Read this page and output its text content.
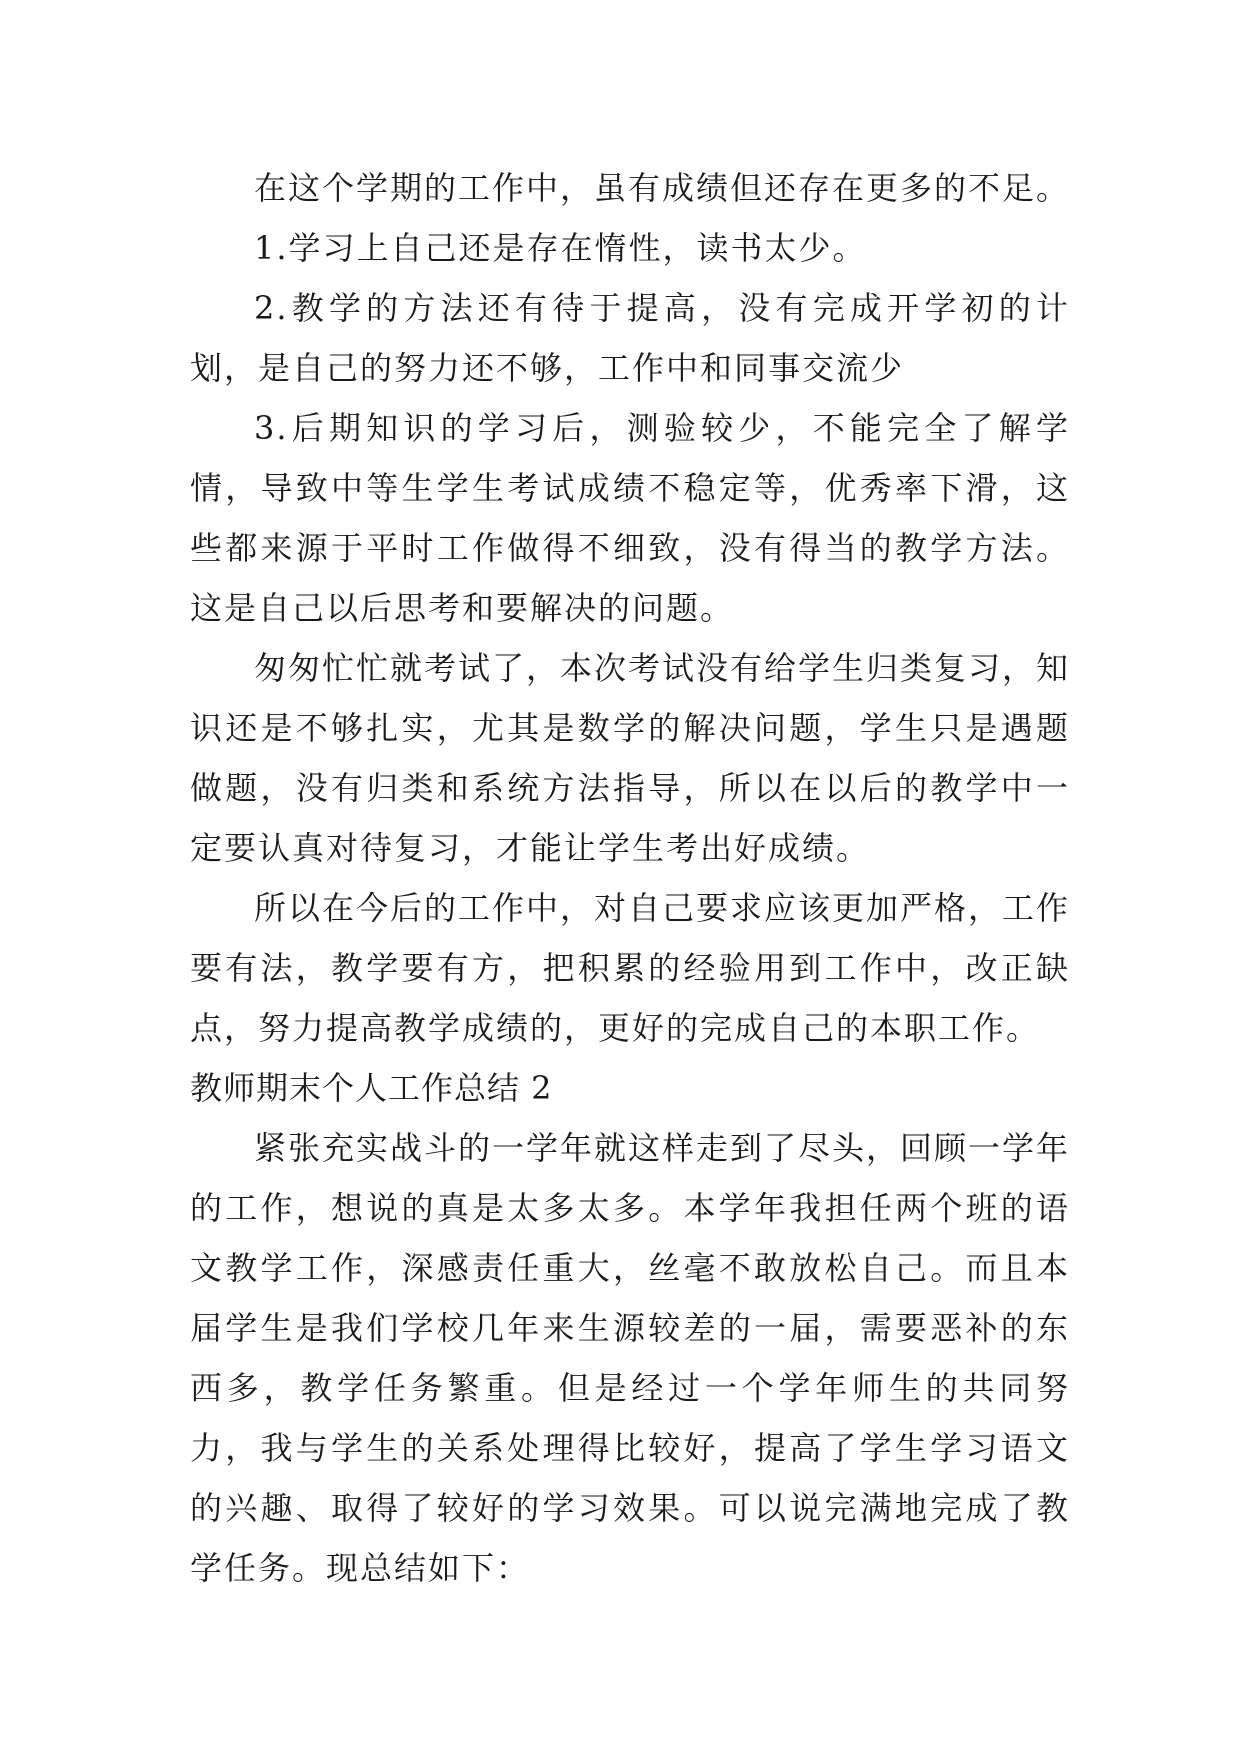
在这个学期的工作中，虽有成绩但还存在更多的不足。

1.学习上自己还是存在惰性，读书太少。

2.教学的方法还有待于提高，没有完成开学初的计划，是自己的努力还不够，工作中和同事交流少

3.后期知识的学习后，测验较少，不能完全了解学情，导致中等生学生考试成绩不稳定等，优秀率下滑，这些都来源于平时工作做得不细致，没有得当的教学方法。这是自己以后思考和要解决的问题。

匆匆忙忙就考试了，本次考试没有给学生归类复习，知识还是不够扎实，尤其是数学的解决问题，学生只是遇题做题，没有归类和系统方法指导，所以在以后的教学中一定要认真对待复习，才能让学生考出好成绩。

所以在今后的工作中，对自己要求应该更加严格，工作要有法，教学要有方，把积累的经验用到工作中，改正缺点，努力提高教学成绩的，更好的完成自己的本职工作。

教师期末个人工作总结 2

紧张充实战斗的一学年就这样走到了尽头，回顾一学年的工作，想说的真是太多太多。本学年我担任两个班的语文教学工作，深感责任重大，丝毫不敢放松自己。而且本届学生是我们学校几年来生源较差的一届，需要恶补的东西多，教学任务繁重。但是经过一个学年师生的共同努力，我与学生的关系处理得比较好，提高了学生学习语文的兴趣、取得了较好的学习效果。可以说完满地完成了教学任务。现总结如下：
